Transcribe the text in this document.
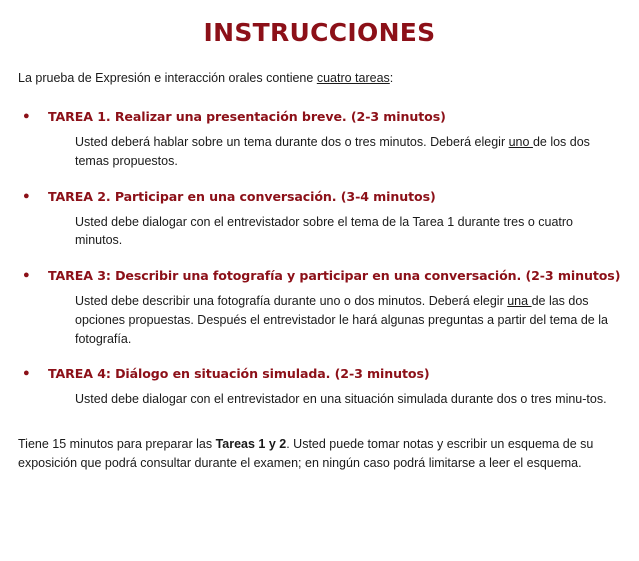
INSTRUCCIONES

La prueba de Expresión e interacción orales contiene cuatro tareas:

●	TAREA 1. Realizar una presentación breve. (2-3 minutos)
Usted deberá hablar sobre un tema durante dos o tres minutos. Deberá elegir uno de los dos temas propuestos.
●	TAREA 2. Participar en una conversación. (3-4 minutos)
Usted debe dialogar con el entrevistador sobre el tema de la Tarea 1 durante tres o cuatro minutos.
●	TAREA 3: Describir una fotografía y participar en una conversación. (2-3 minutos)
Usted debe describir una fotografía durante uno o dos minutos. Deberá elegir una de las dos opciones propuestas. Después el entrevistador le hará algunas preguntas a partir del tema de la fotografía.
●	TAREA 4: Diálogo en situación simulada. (2-3 minutos)
Usted debe dialogar con el entrevistador en una situación simulada durante dos o tres minu-tos.

Tiene 15 minutos para preparar las Tareas 1 y 2. Usted puede tomar notas y escribir un esquema de su exposición que podrá consultar durante el examen; en ningún caso podrá limitarse a leer el esquema.
